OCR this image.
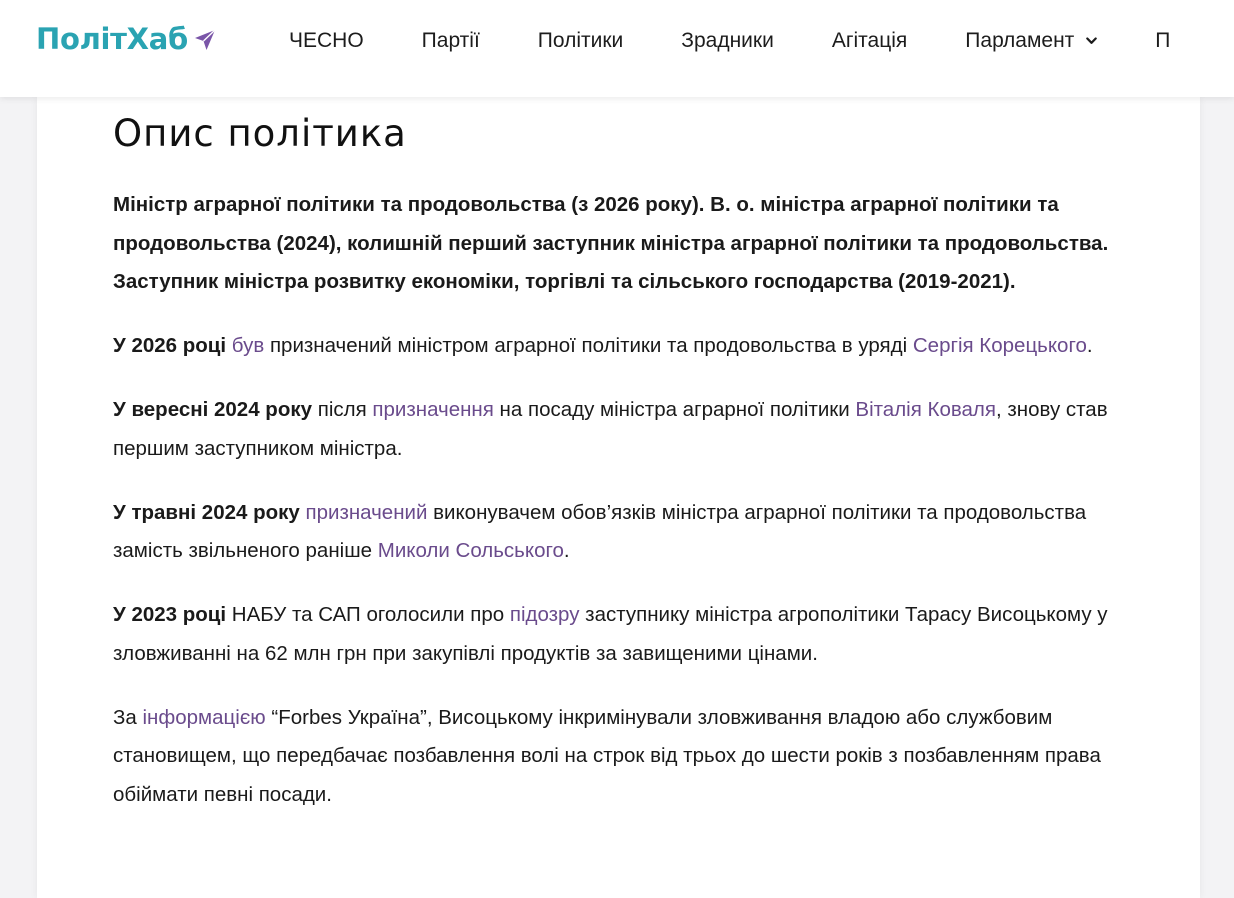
ПолітХаб	ЧЕСНО	Партії	Політики	Зрадники	Агітація	Парламент	П
Опис політика

Міністр аграрної політики та продовольства (з 2026 року). В. о. міністра аграрної політики та продовольства (2024), колишній перший заступник міністра аграрної політики та продовольства. Заступник міністра розвитку економіки, торгівлі та сільського господарства (2019-2021).

У 2026 році був призначений міністром аграрної політики та продовольства в уряді Сергія Корецького.

У вересні 2024 року після призначення на посаду міністра аграрної політики Віталія Коваля, знову став першим заступником міністра.

У травні 2024 року призначений виконувачем обов’язків міністра аграрної політики та продовольства замість звільненого раніше Миколи Сольського.

У 2023 році НАБУ та САП оголосили про підозру заступнику міністра агрополітики Тарасу Висоцькому у зловживанні на 62 млн грн при закупівлі продуктів за завищеними цінами.

За інформацією “Forbes Україна”, Висоцькому інкримінували зловживання владою або службовим становищем, що передбачає позбавлення волі на строк від трьох до шести років з позбавленням права обіймати певні посади.
